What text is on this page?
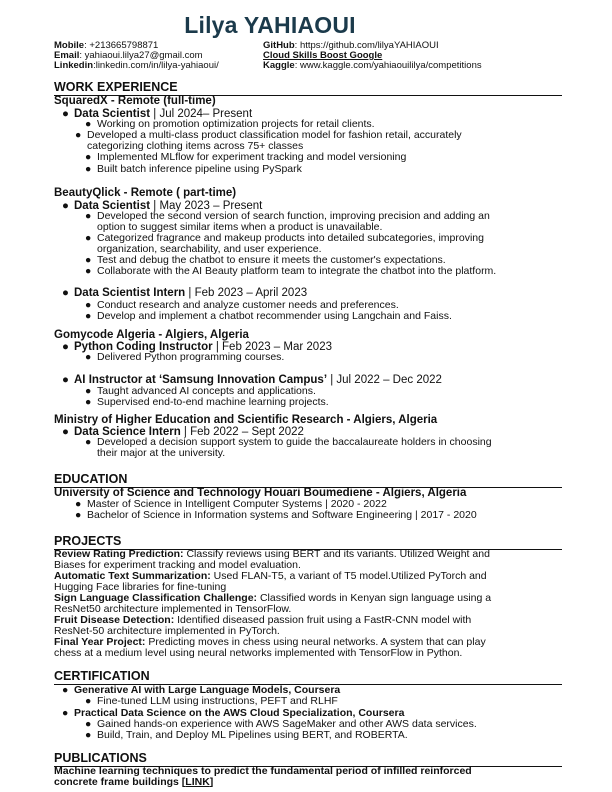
Lilya YAHIAOUI
Mobile: +213665798871
Email: yahiaoui.lilya27@gmail.com
Linkedin:linkedin.com/in/lilya-yahiaoui/
GitHub: https://github.com/lilyaYAHIAOUI
Cloud Skills Boost Google
Kaggle: www.kaggle.com/yahiaouililya/competitions
WORK EXPERIENCE
SquaredX - Remote (full-time)
● Data Scientist | Jul 2024– Present
● Working on promotion optimization projects for retail clients.
● Developed a multi-class product classification model for fashion retail, accurately
categorizing clothing items across 75+ classes
● Implemented MLflow for experiment tracking and model versioning
● Built batch inference pipeline using PySpark
BeautyQlick - Remote ( part-time)
● Data Scientist | May 2023 – Present
● Developed the second version of search function, improving precision and adding an
option to suggest similar items when a product is unavailable.
● Categorized fragrance and makeup products into detailed subcategories, improving
organization, searchability, and user experience.
● Test and debug the chatbot to ensure it meets the customer's expectations.
● Collaborate with the AI Beauty platform team to integrate the chatbot into the platform.
● Data Scientist Intern | Feb 2023 – April 2023
● Conduct research and analyze customer needs and preferences.
● Develop and implement a chatbot recommender using Langchain and Faiss.
Gomycode Algeria - Algiers, Algeria
● Python Coding Instructor | Feb 2023 – Mar 2023
● Delivered Python programming courses.
● AI Instructor at ‘Samsung Innovation Campus’ | Jul 2022 – Dec 2022
● Taught advanced AI concepts and applications.
● Supervised end-to-end machine learning projects.
Ministry of Higher Education and Scientific Research - Algiers, Algeria
● Data Science Intern | Feb 2022 – Sept 2022
● Developed a decision support system to guide the baccalaureate holders in choosing
their major at the university.
EDUCATION
University of Science and Technology Houari Boumediene - Algiers, Algeria
● Master of Science in Intelligent Computer Systems | 2020 - 2022
● Bachelor of Science in Information systems and Software Engineering | 2017 - 2020
PROJECTS
Review Rating Prediction: Classify reviews using BERT and its variants. Utilized Weight and
Biases for experiment tracking and model evaluation.
Automatic Text Summarization: Used FLAN-T5, a variant of T5 model.Utilized PyTorch and
Hugging Face libraries for fine-tuning
Sign Language Classification Challenge: Classified words in Kenyan sign language using a
ResNet50 architecture implemented in TensorFlow.
Fruit Disease Detection: Identified diseased passion fruit using a FastR-CNN model with
ResNet-50 architecture implemented in PyTorch.
Final Year Project: Predicting moves in chess using neural networks. A system that can play
chess at a medium level using neural networks implemented with TensorFlow in Python.
CERTIFICATION
● Generative AI with Large Language Models, Coursera
● Fine-tuned LLM using instructions, PEFT and RLHF
● Practical Data Science on the AWS Cloud Specialization, Coursera
● Gained hands-on experience with AWS SageMaker and other AWS data services.
● Build, Train, and Deploy ML Pipelines using BERT, and ROBERTA.
PUBLICATIONS
Machine learning techniques to predict the fundamental period of infilled reinforced
concrete frame buildings [LINK]
